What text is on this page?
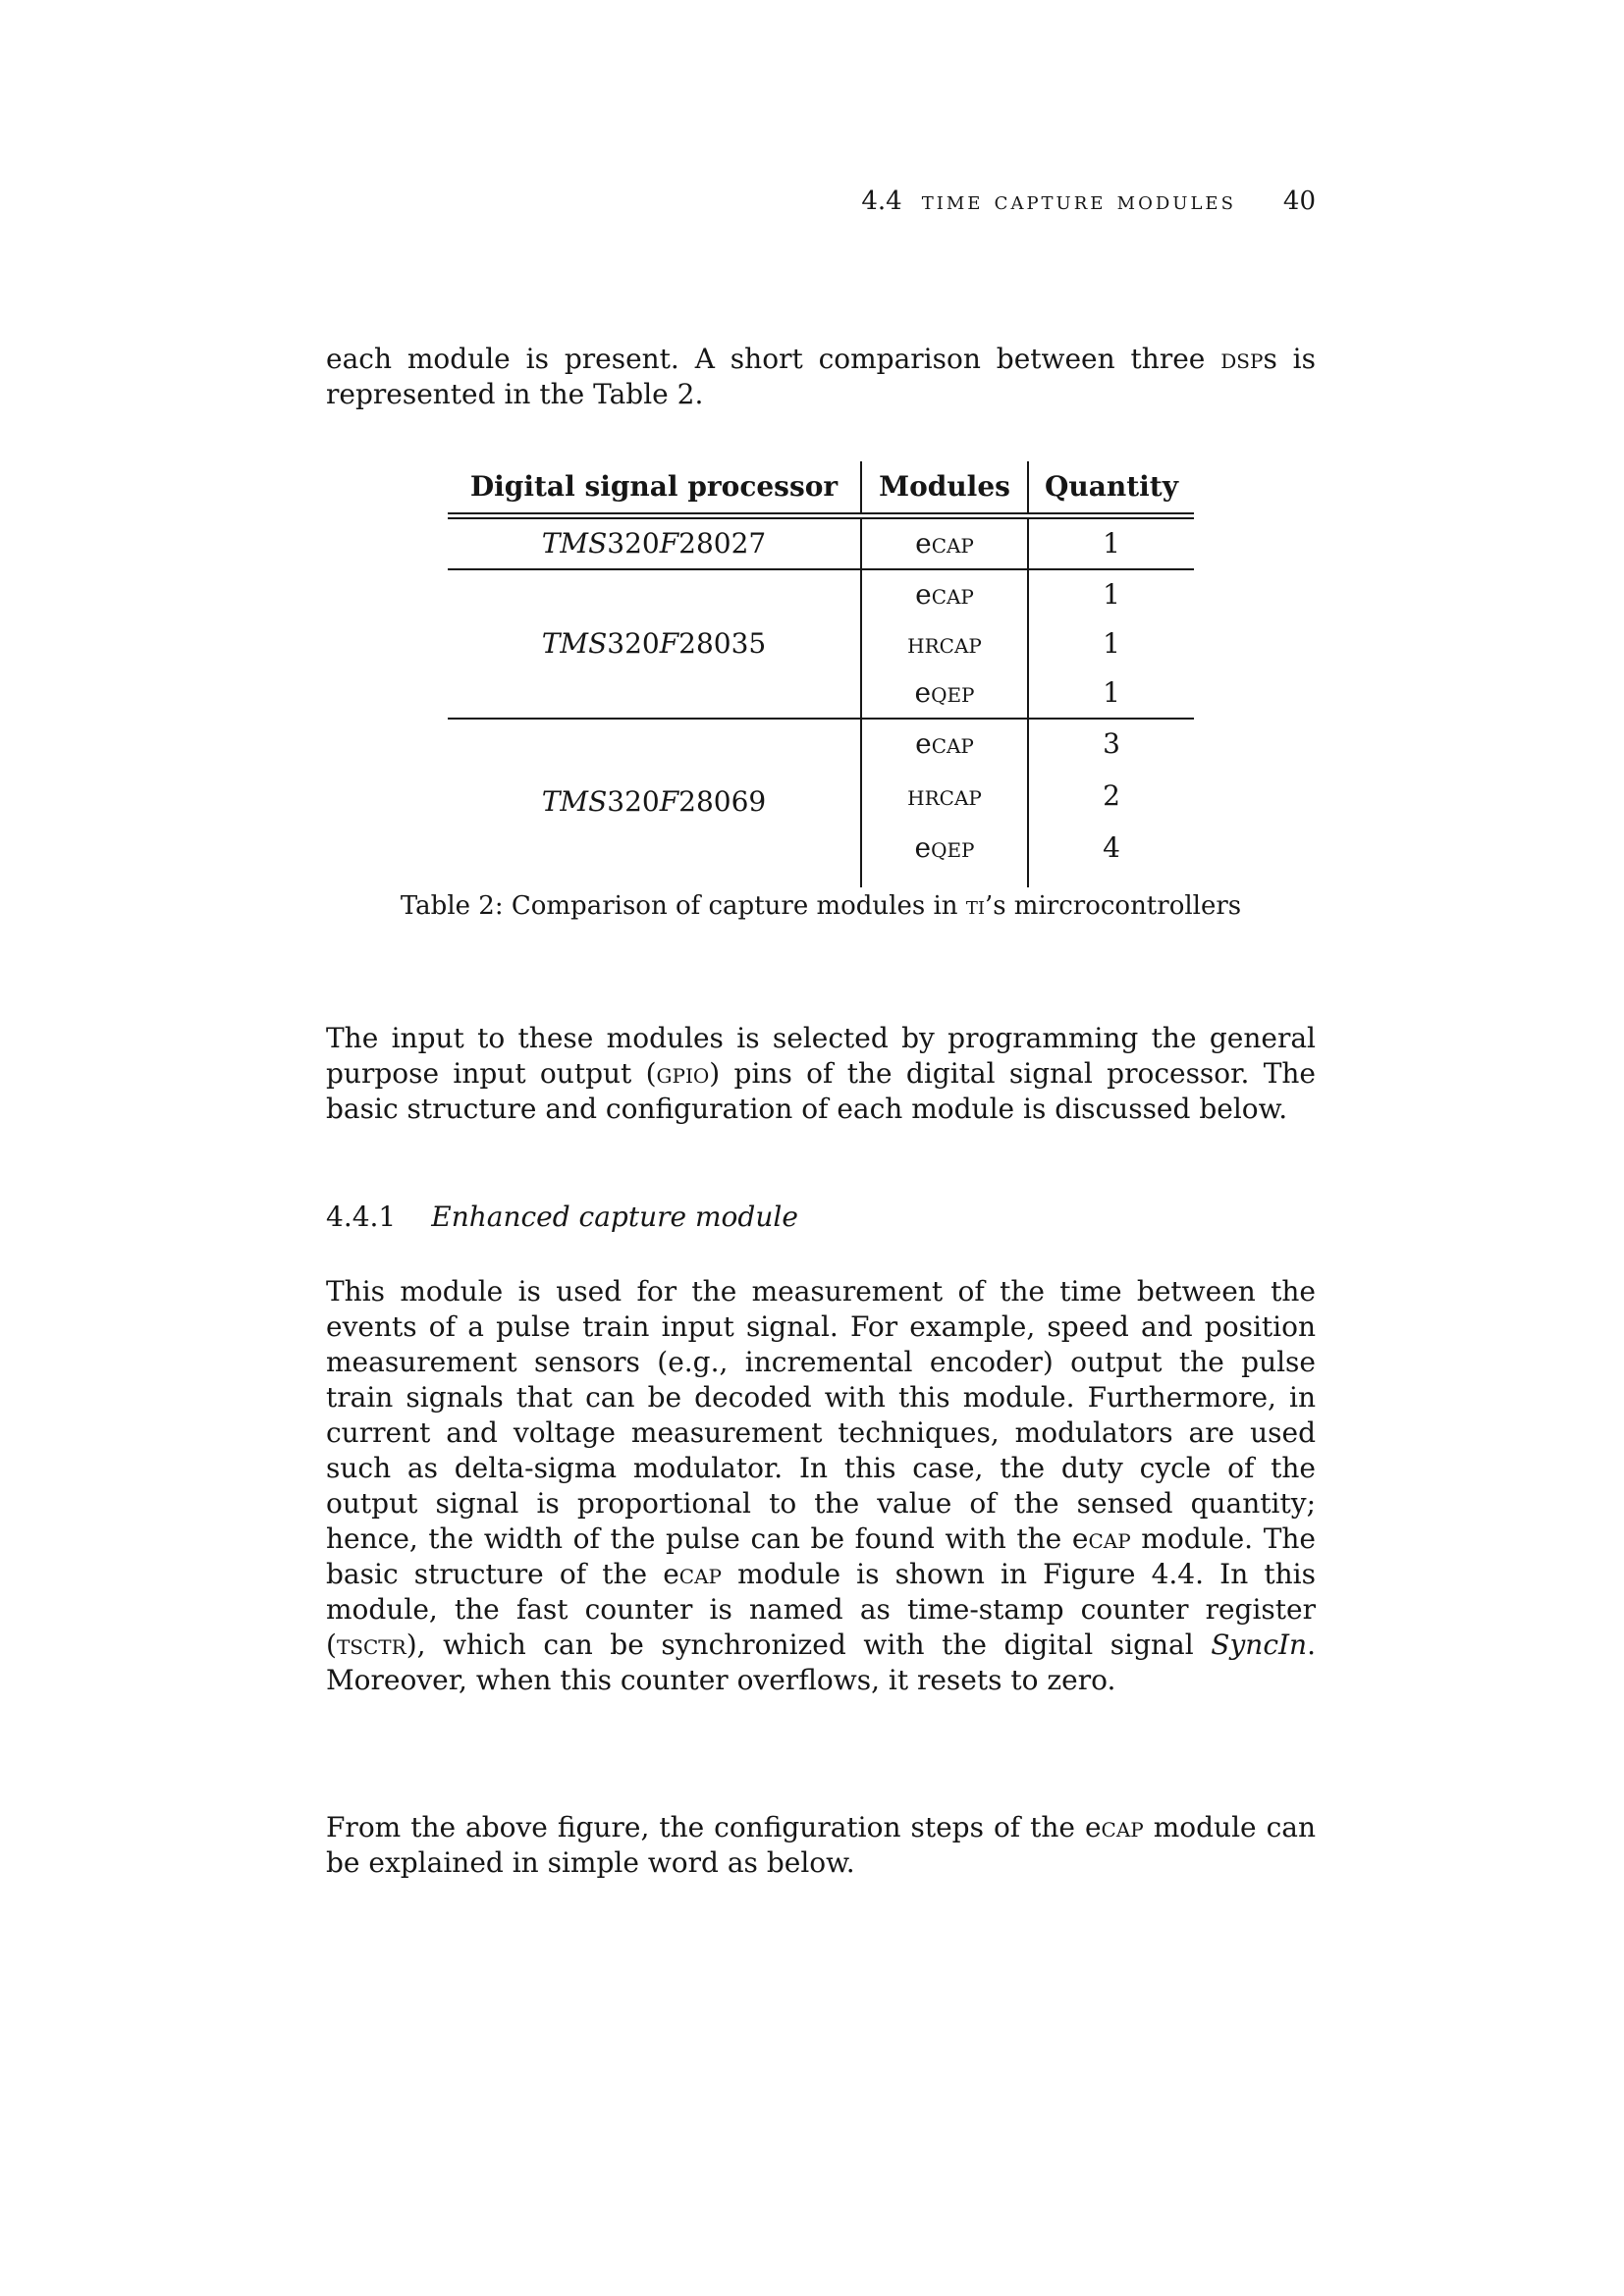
4.4 time capture modules 40

each module is present. A short comparison between three dsps is represented in the Table 2.

Digital signal processor	Modules	Quantity
TMS320F28027	ecap	1
TMS320F28035	ecap	1
	hrcap	1
	eqep	1
TMS320F28069	ecap	3
	hrcap	2
	eqep	4

Table 2: Comparison of capture modules in ti’s mircrocontrollers

The input to these modules is selected by programming the general purpose input output (gpio) pins of the digital signal processor. The basic structure and configuration of each module is discussed below.

4.4.1 Enhanced capture module

This module is used for the measurement of the time between the events of a pulse train input signal. For example, speed and position measurement sensors (e.g., incremental encoder) output the pulse train signals that can be decoded with this module. Furthermore, in current and voltage measurement techniques, modulators are used such as delta-sigma modulator. In this case, the duty cycle of the output signal is proportional to the value of the sensed quantity; hence, the width of the pulse can be found with the ecap module. The basic structure of the ecap module is shown in Figure 4.4. In this module, the fast counter is named as time-stamp counter register (tsctr), which can be synchronized with the digital signal SyncIn. Moreover, when this counter overflows, it resets to zero.

From the above figure, the configuration steps of the ecap module can be explained in simple word as below.
